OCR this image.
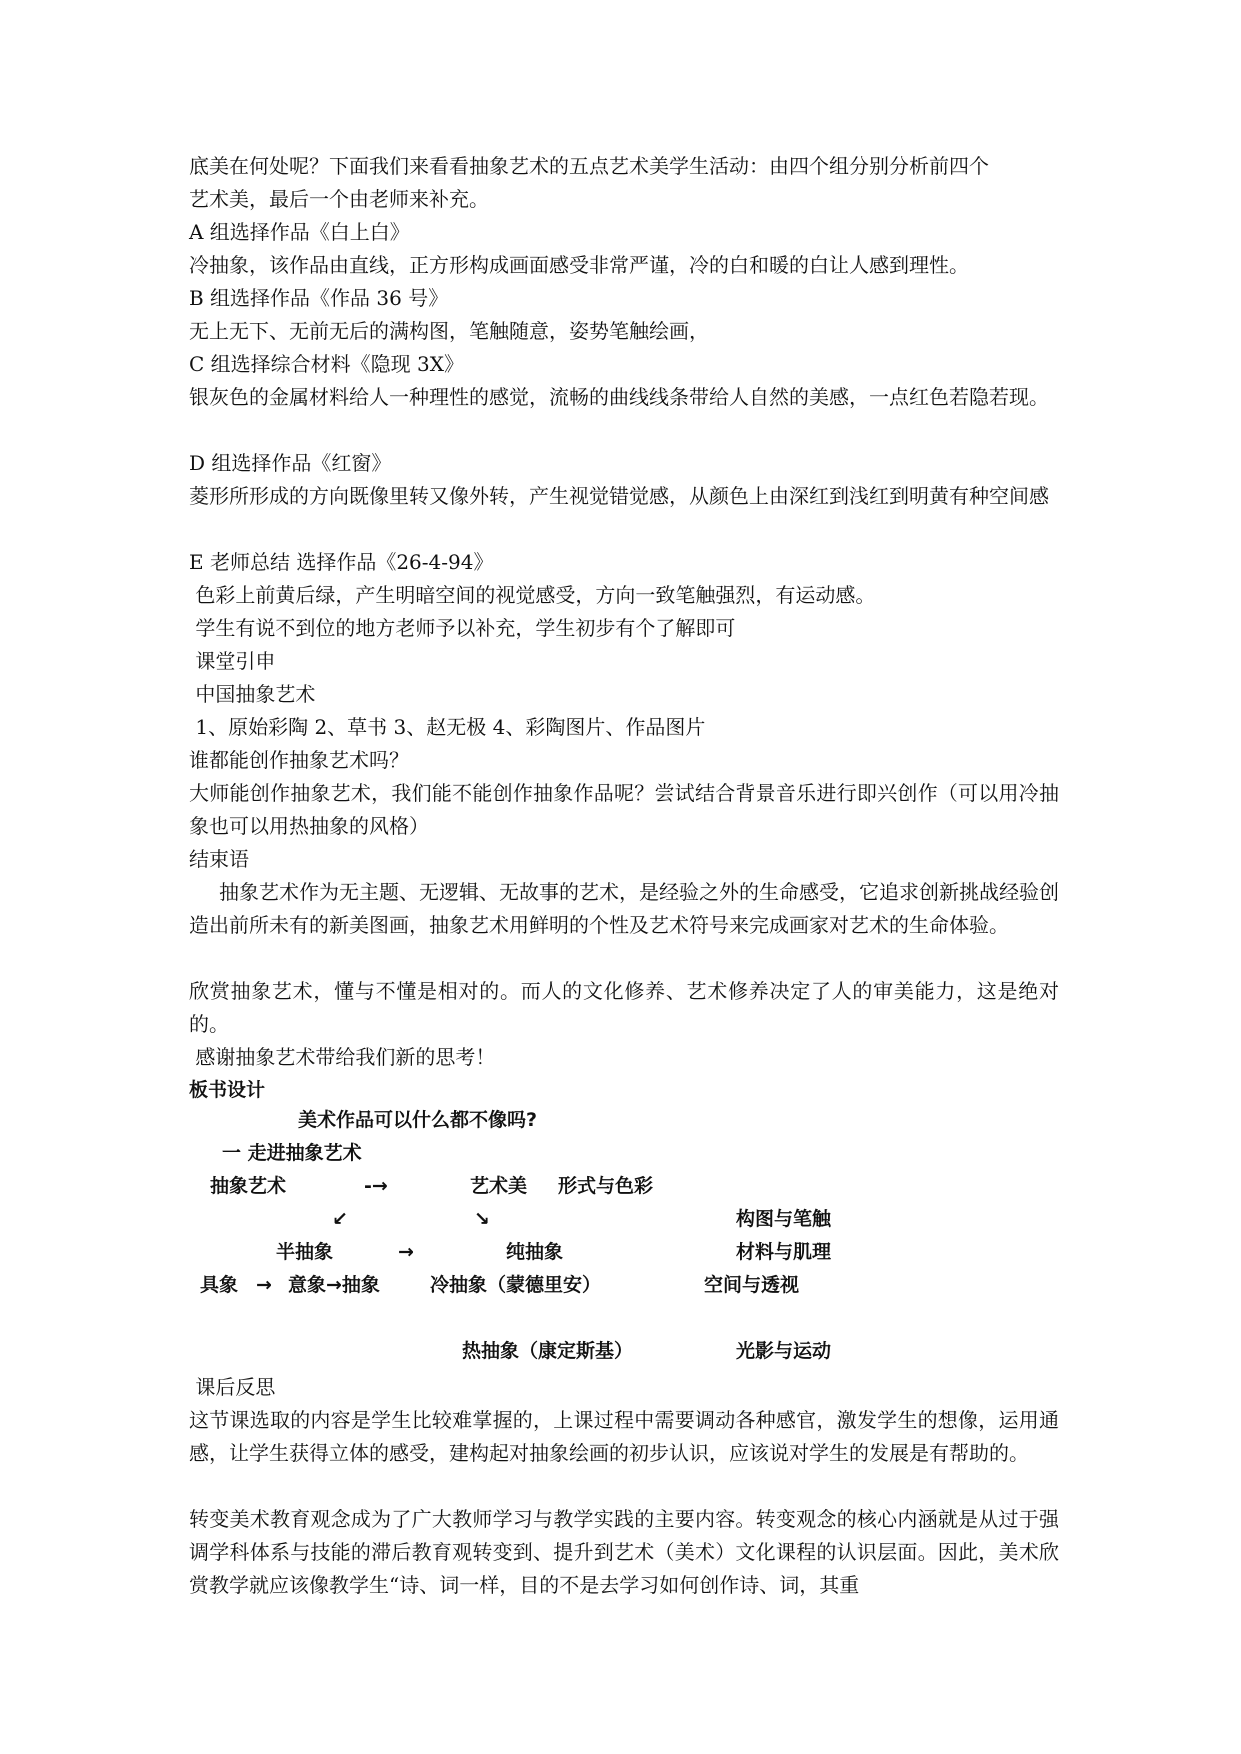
底美在何处呢？下面我们来看看抽象艺术的五点艺术美学生活动：由四个组分别分析前四个
艺术美，最后一个由老师来补充。
A 组选择作品《白上白》
冷抽象，该作品由直线，正方形构成画面感受非常严谨，冷的白和暖的白让人感到理性。
B 组选择作品《作品 36 号》
无上无下、无前无后的满构图，笔触随意，姿势笔触绘画，
C 组选择综合材料《隐现 3X》
银灰色的金属材料给人一种理性的感觉，流畅的曲线线条带给人自然的美感，一点红色若隐若现。
D 组选择作品《红窗》
菱形所形成的方向既像里转又像外转，产生视觉错觉感，从颜色上由深红到浅红到明黄有种空间感
E 老师总结 选择作品《26-4-94》
色彩上前黄后绿，产生明暗空间的视觉感受，方向一致笔触强烈，有运动感。
学生有说不到位的地方老师予以补充，学生初步有个了解即可
课堂引申
中国抽象艺术
1、原始彩陶 2、草书 3、赵无极 4、彩陶图片、作品图片
谁都能创作抽象艺术吗？
大师能创作抽象艺术，我们能不能创作抽象作品呢？尝试结合背景音乐进行即兴创作（可以用冷抽象也可以用热抽象的风格）
结束语
抽象艺术作为无主题、无逻辑、无故事的艺术，是经验之外的生命感受，它追求创新挑战经验创造出前所未有的新美图画，抽象艺术用鲜明的个性及艺术符号来完成画家对艺术的生命体验。
欣赏抽象艺术，懂与不懂是相对的。而人的文化修养、艺术修养决定了人的审美能力，这是绝对的。
感谢抽象艺术带给我们新的思考！
板书设计
美术作品可以什么都不像吗?
一 走进抽象艺术
抽象艺术	-→	艺术美 形式与色彩
↙	↘	构图与笔触
半抽象	→	纯抽象	材料与肌理
具象 → 意象→抽象	冷抽象（蒙德里安）	空间与透视
热抽象（康定斯基）	光影与运动
课后反思
这节课选取的内容是学生比较难掌握的，上课过程中需要调动各种感官，激发学生的想像，运用通感，让学生获得立体的感受，建构起对抽象绘画的初步认识，应该说对学生的发展是有帮助的。
转变美术教育观念成为了广大教师学习与教学实践的主要内容。转变观念的核心内涵就是从过于强调学科体系与技能的滞后教育观转变到、提升到艺术（美术）文化课程的认识层面。因此，美术欣赏教学就应该像教学生“诗、词一样，目的不是去学习如何创作诗、词，其重
